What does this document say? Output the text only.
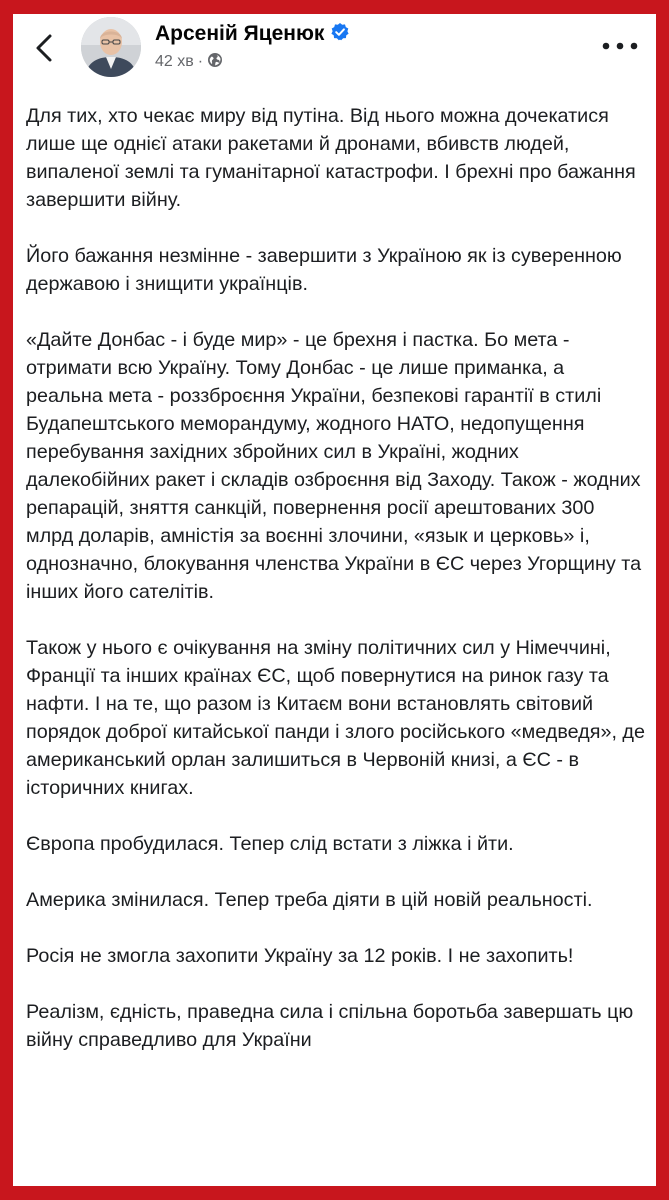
Арсеній Яценюк
42 хв ·

Для тих, хто чекає миру від путіна. Від нього можна дочекатися лише ще однієї атаки ракетами й дронами, вбивств людей, випаленої землі та гуманітарної катастрофи. І брехні про бажання завершити війну.

Його бажання незмінне - завершити з Україною як із суверенною державою і знищити українців.

«Дайте Донбас - і буде мир» - це брехня і пастка. Бо мета - отримати всю Україну. Тому Донбас - це лише приманка, а реальна мета - роззброєння України, безпекові гарантії в стилі Будапештського меморандуму, жодного НАТО, недопущення перебування західних збройних сил в Україні, жодних далекобійних ракет і складів озброєння від Заходу. Також - жодних репарацій, зняття санкцій, повернення росії арештованих 300 млрд доларів, амністія за воєнні злочини, «язык и церковь» і, однозначно, блокування членства України в ЄС через Угорщину та інших його сателітів.

Також у нього є очікування на зміну політичних сил у Німеччині, Франції та інших країнах ЄС, щоб повернутися на ринок газу та нафти. І на те, що разом із Китаєм вони встановлять світовий порядок доброї китайської панди і злого російського «медведя», де американський орлан залишиться в Червоній книзі, а ЄС - в історичних книгах.

Європа пробудилася. Тепер слід встати з ліжка і йти.

Америка змінилася. Тепер треба діяти в цій новій реальності.

Росія не змогла захопити Україну за 12 років. І не захопить!

Реалізм, єдність, праведна сила і спільна боротьба завершать цю війну справедливо для України
